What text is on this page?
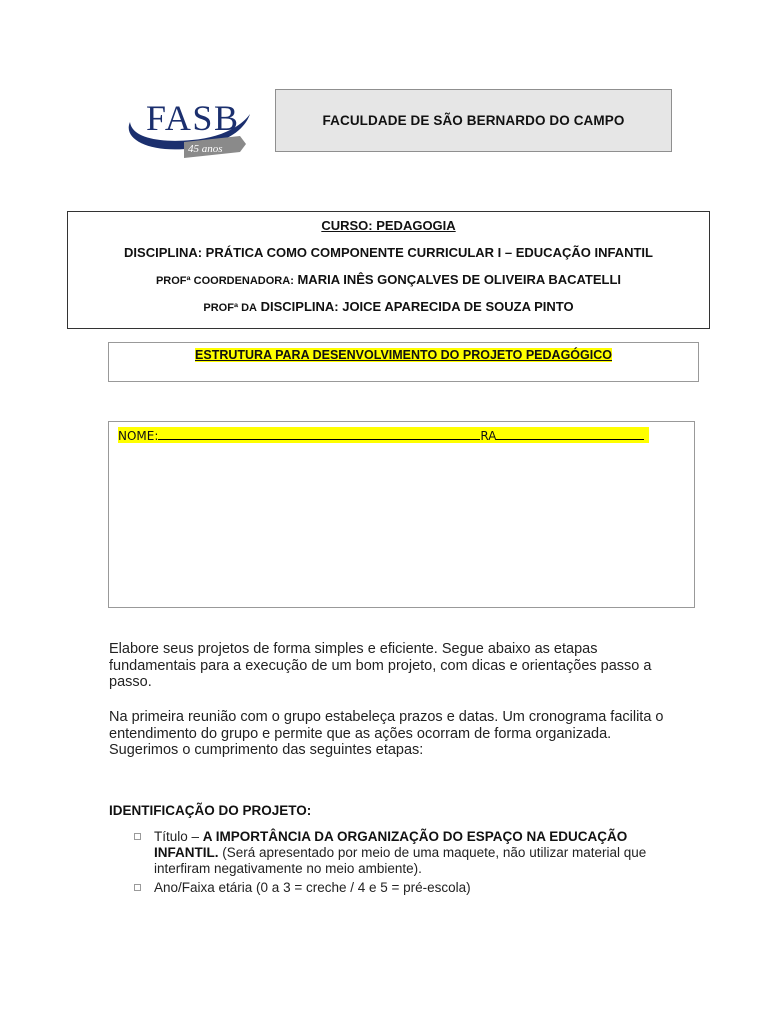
FASB
45 anos
FACULDADE DE SÃO BERNARDO DO CAMPO
CURSO: PEDAGOGIA
DISCIPLINA: PRÁTICA COMO COMPONENTE CURRICULAR I – EDUCAÇÃO INFANTIL
PROFª COORDENADORA: MARIA INÊS GONÇALVES DE OLIVEIRA BACATELLI
PROFª DA DISCIPLINA: JOICE APARECIDA DE SOUZA PINTO
ESTRUTURA PARA DESENVOLVIMENTO DO PROJETO PEDAGÓGICO
NOME:	RA

Elabore seus projetos de forma simples e eficiente. Segue abaixo as etapas fundamentais para a execução de um bom projeto, com dicas e orientações passo a passo.

Na primeira reunião com o grupo estabeleça prazos e datas. Um cronograma facilita o entendimento do grupo e permite que as ações ocorram de forma organizada. Sugerimos o cumprimento das seguintes etapas:

IDENTIFICAÇÃO DO PROJETO:
Título – A IMPORTÂNCIA DA ORGANIZAÇÃO DO ESPAÇO NA EDUCAÇÃO INFANTIL. (Será apresentado por meio de uma maquete, não utilizar material que interfiram negativamente no meio ambiente).
Ano/Faixa etária (0 a 3 = creche / 4 e 5 = pré-escola)
